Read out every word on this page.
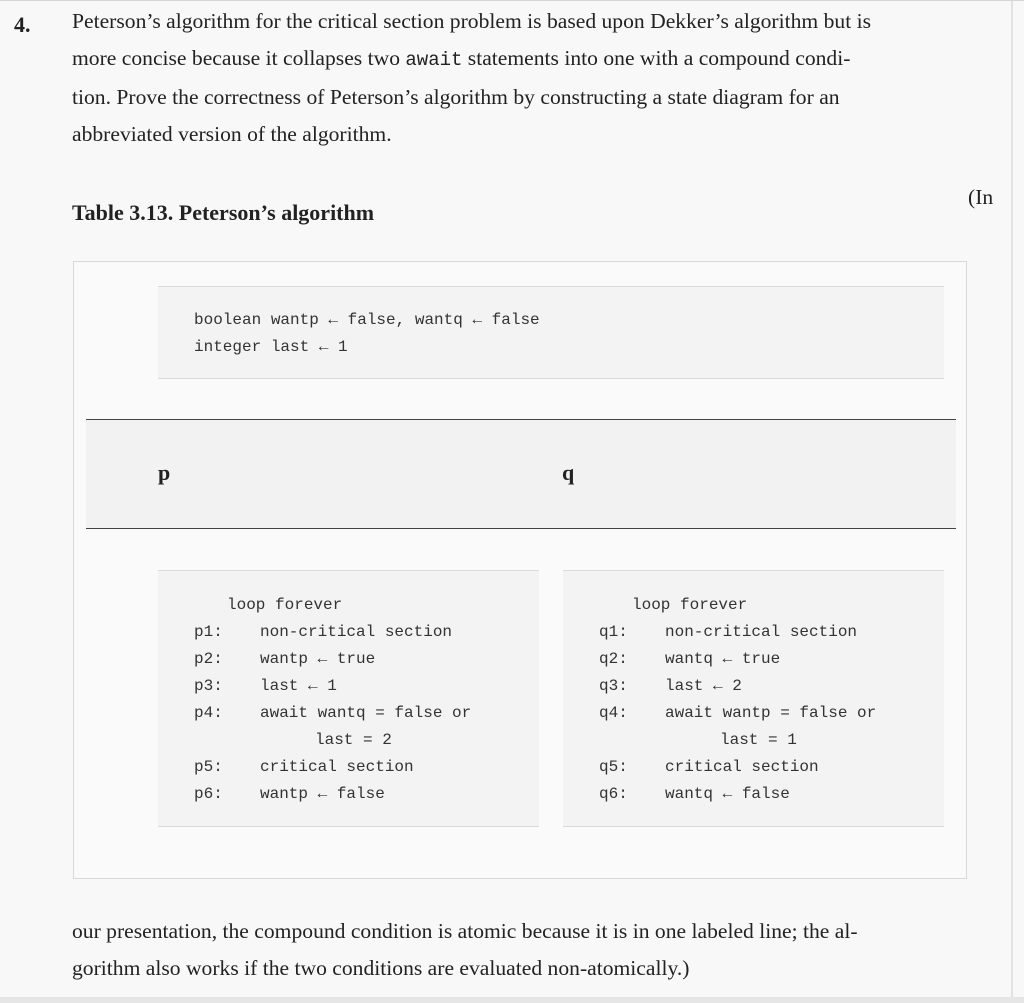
4. Peterson’s algorithm for the critical section problem is based upon Dekker’s algorithm but is
more concise because it collapses two await statements into one with a compound condi-
tion. Prove the correctness of Peterson’s algorithm by constructing a state diagram for an
abbreviated version of the algorithm.

(In
Table 3.13. Peterson’s algorithm
boolean wantp ← false, wantq ← false
integer last ← 1
p	q
loop forever
p1: non-critical section
p2: wantp ← true
p3: last ← 1
p4: await wantq = false or
last = 2
p5: critical section
p6: wantp ← false
loop forever
q1: non-critical section
q2: wantq ← true
q3: last ← 2
q4: await wantp = false or
last = 1
q5: critical section
q6: wantq ← false

our presentation, the compound condition is atomic because it is in one labeled line; the al-
gorithm also works if the two conditions are evaluated non-atomically.)
